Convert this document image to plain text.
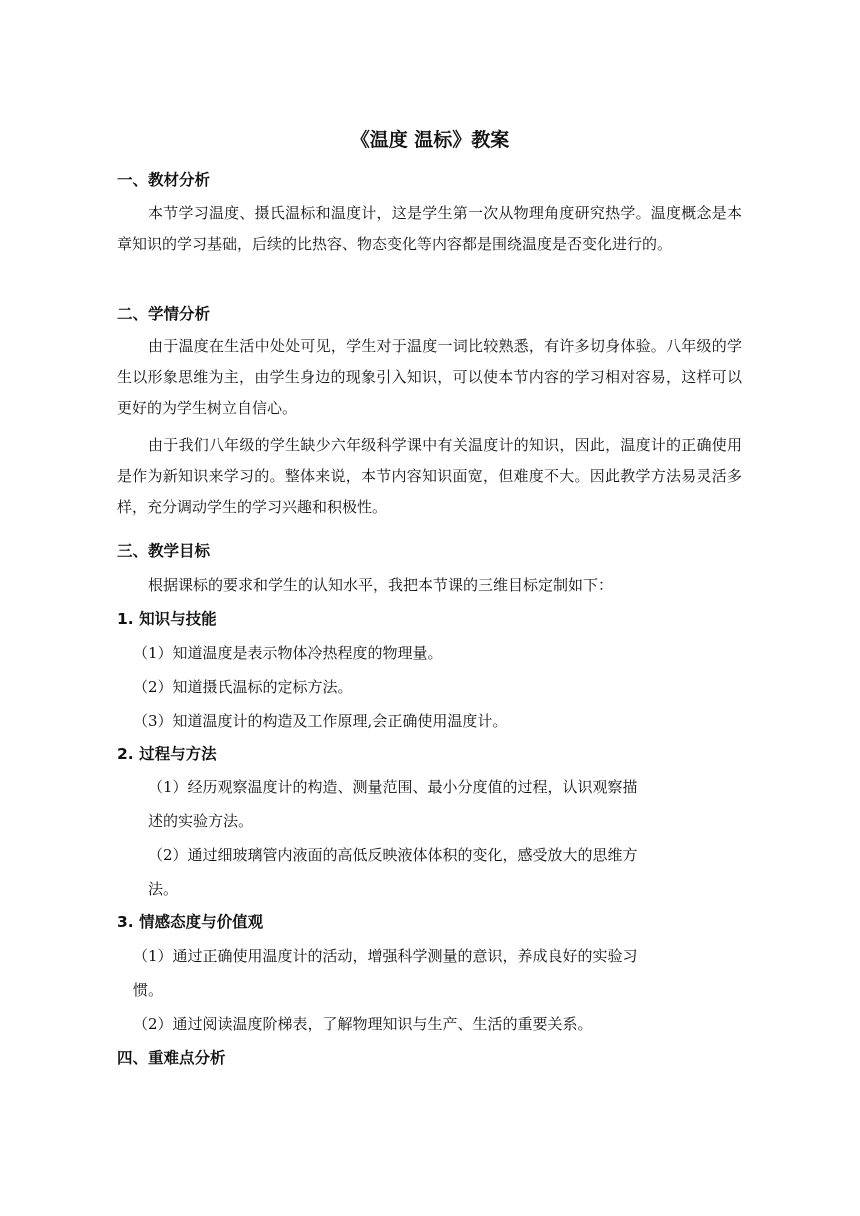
《温度 温标》教案
一、教材分析

本节学习温度、摄氏温标和温度计，这是学生第一次从物理角度研究热学。温度概念是本章知识的学习基础，后续的比热容、物态变化等内容都是围绕温度是否变化进行的。

二、学情分析

由于温度在生活中处处可见，学生对于温度一词比较熟悉，有许多切身体验。八年级的学生以形象思维为主，由学生身边的现象引入知识，可以使本节内容的学习相对容易，这样可以更好的为学生树立自信心。

由于我们八年级的学生缺少六年级科学课中有关温度计的知识，因此，温度计的正确使用是作为新知识来学习的。整体来说，本节内容知识面宽，但难度不大。因此教学方法易灵活多样，充分调动学生的学习兴趣和积极性。

三、教学目标
根据课标的要求和学生的认知水平，我把本节课的三维目标定制如下：
1. 知识与技能
（1）知道温度是表示物体冷热程度的物理量。
（2）知道摄氏温标的定标方法。
（3）知道温度计的构造及工作原理,会正确使用温度计。
2. 过程与方法
（1）经历观察温度计的构造、测量范围、最小分度值的过程，认识观察描
述的实验方法。
（2）通过细玻璃管内液面的高低反映液体体积的变化，感受放大的思维方
法。
3. 情感态度与价值观
（1）通过正确使用温度计的活动，增强科学测量的意识，养成良好的实验习
惯。
（2）通过阅读温度阶梯表，了解物理知识与生产、生活的重要关系。
四、重难点分析
